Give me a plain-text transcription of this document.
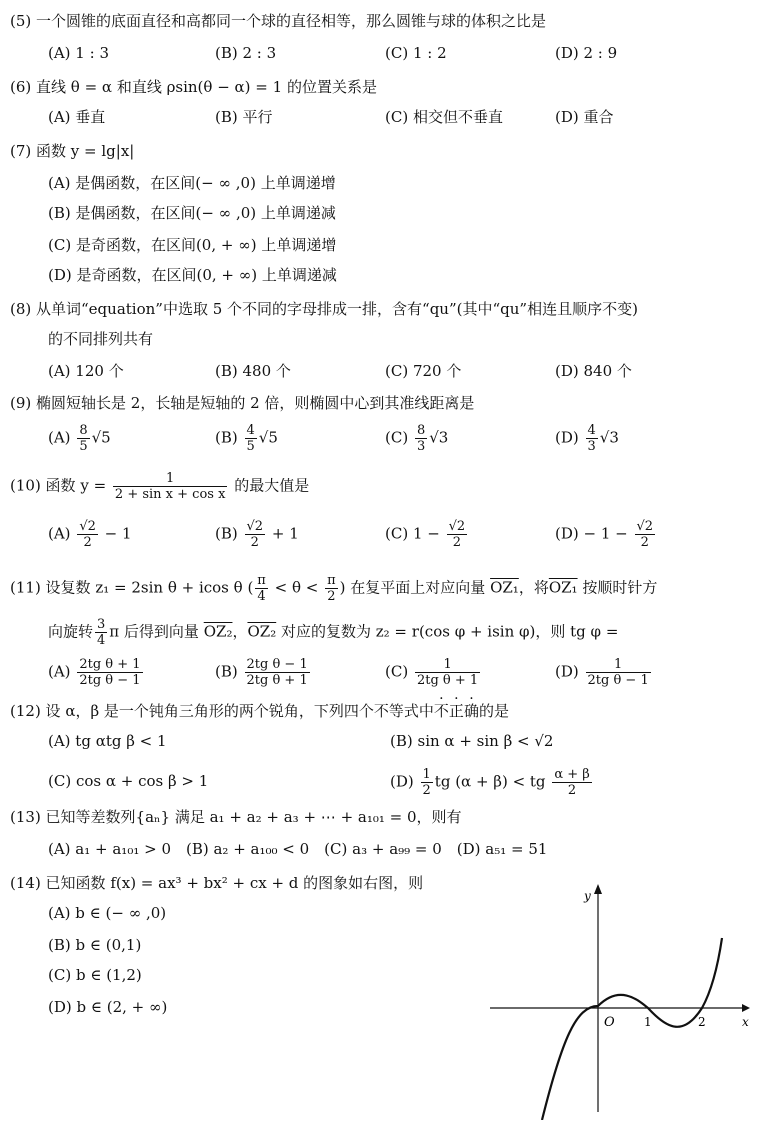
(5) 一个圆锥的底面直径和高都同一个球的直径相等，那么圆锥与球的体积之比是
(A) 1 : 3	(B) 2 : 3	(C) 1 : 2	(D) 2 : 9
(6) 直线 θ = α 和直线 ρsin(θ − α) = 1 的位置关系是
(A) 垂直	(B) 平行	(C) 相交但不垂直	(D) 重合
(7) 函数 y = lg|x|
(A) 是偶函数，在区间(− ∞ ,0) 上单调递增
(B) 是偶函数，在区间(− ∞ ,0) 上单调递减
(C) 是奇函数，在区间(0, + ∞) 上单调递增
(D) 是奇函数，在区间(0, + ∞) 上单调递减
(8) 从单词“equation”中选取 5 个不同的字母排成一排，含有“qu”(其中“qu”相连且顺序不变)
的不同排列共有
(A) 120 个	(B) 480 个	(C) 720 个	(D) 840 个
(9) 椭圆短轴长是 2，长轴是短轴的 2 倍，则椭圆中心到其准线距离是
$(A) \frac{8}{5} √5$	$(B) \frac{4}{5} √5$	$(C) \frac{8}{3} √3$	$(D) \frac{4}{3} √3$
(10) 函数 $y = \frac{1}{\text{2 + sin x + cos x}}$ 的最大值是
$(A) \frac{√2}{2} - 1$	$(B) \frac{√2}{2} + 1$	(C) $1 - \frac{√2}{2}$	$(D) - 1 - \frac{√2}{2}$
(11) 设复数 z₁ = 2sin θ + icos θ ( $\frac{\pi}{4} < \theta < \frac{\pi}{2}$ ) 在复平面上对应向量 OZ₁，将OZ₁ 按顺时针方
向旋转 $\frac{3}{4}$ π 后得到向量 OZ₂，OZ₂ 对应的复数为 z₂ = r(cos φ + isin φ)，则 tg φ =
$(A) \frac{\text{2tg θ + 1}}{\text{2tg θ − 1}}$	$(B) \frac{\text{2tg θ − 1}}{\text{2tg θ + 1}}$	$(C) \frac{1}{\text{2tg θ + 1}}$	$(D) \frac{1}{\text{2tg θ − 1}}$
(12) 设 α，β 是一个钝角三角形的两个锐角，下列四个不等式中不正确的是
(A) tg αtg β < 1	(B) sin α + sin β < √2
(C) cos α + cos β > 1	$(D) \frac{1}{2}$ tg (α + β) < tg $\frac{\alpha + \beta}{2}$
(13) 已知等差数列{aₙ} 满足 a₁ + a₂ + a₃ + ⋯ + a₁₀₁ = 0，则有
(A) a₁ + a₁₀₁ > 0　(B) a₂ + a₁₀₀ < 0　(C) a₃ + a₉₉ = 0　(D) a₅₁ = 51
(14) 已知函数 f(x) = ax³ + bx² + cx + d 的图象如右图，则
(A) b ∈ (− ∞ ,0)
(B) b ∈ (0,1)
(C) b ∈ (1,2)
(D) b ∈ (2, + ∞)
y
x
O 1	2
